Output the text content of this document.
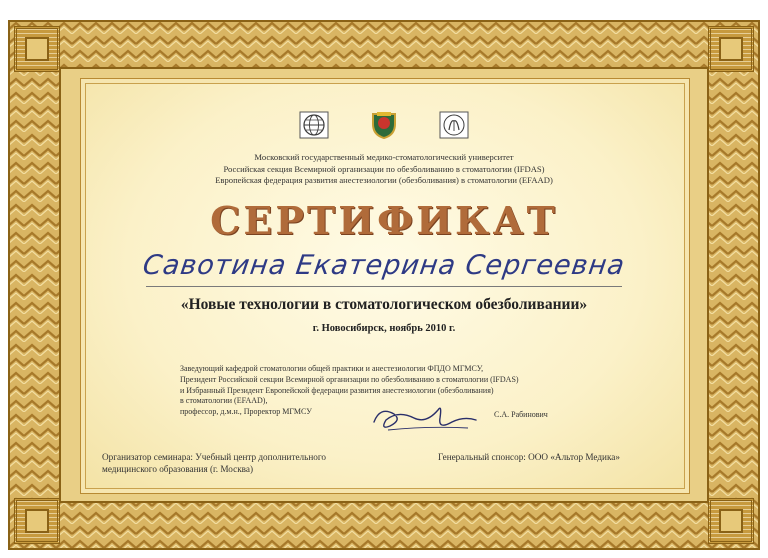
Московский государственный медико-стоматологический университет
Российская секция Всемирной организации по обезболиванию в стоматологии (IFDAS)
Европейская федерация развития анестезиологии (обезболивания) в стоматологии (EFAAD)
СЕРТИФИКАТ
Савотина Екатерина Сергеевна
«Новые технологии в стоматологическом обезболивании»
г. Новосибирск, ноябрь 2010 г.
Заведующий кафедрой стоматологии общей практики и анестезиологии ФПДО МГМСУ,
Президент Российской секции Всемирной организации по обезболиванию в стоматологии (IFDAS)
и Избранный Президент Европейской федерации развития анестезиологии (обезболивания)
в стоматологии (EFAAD),
профессор, д.м.н., Проректор МГМСУ	С.А. Рабинович
Организатор семинара: Учебный центр дополнительного
медицинского образования (г. Москва)
Генеральный спонсор: ООО «Альтор Медика»
